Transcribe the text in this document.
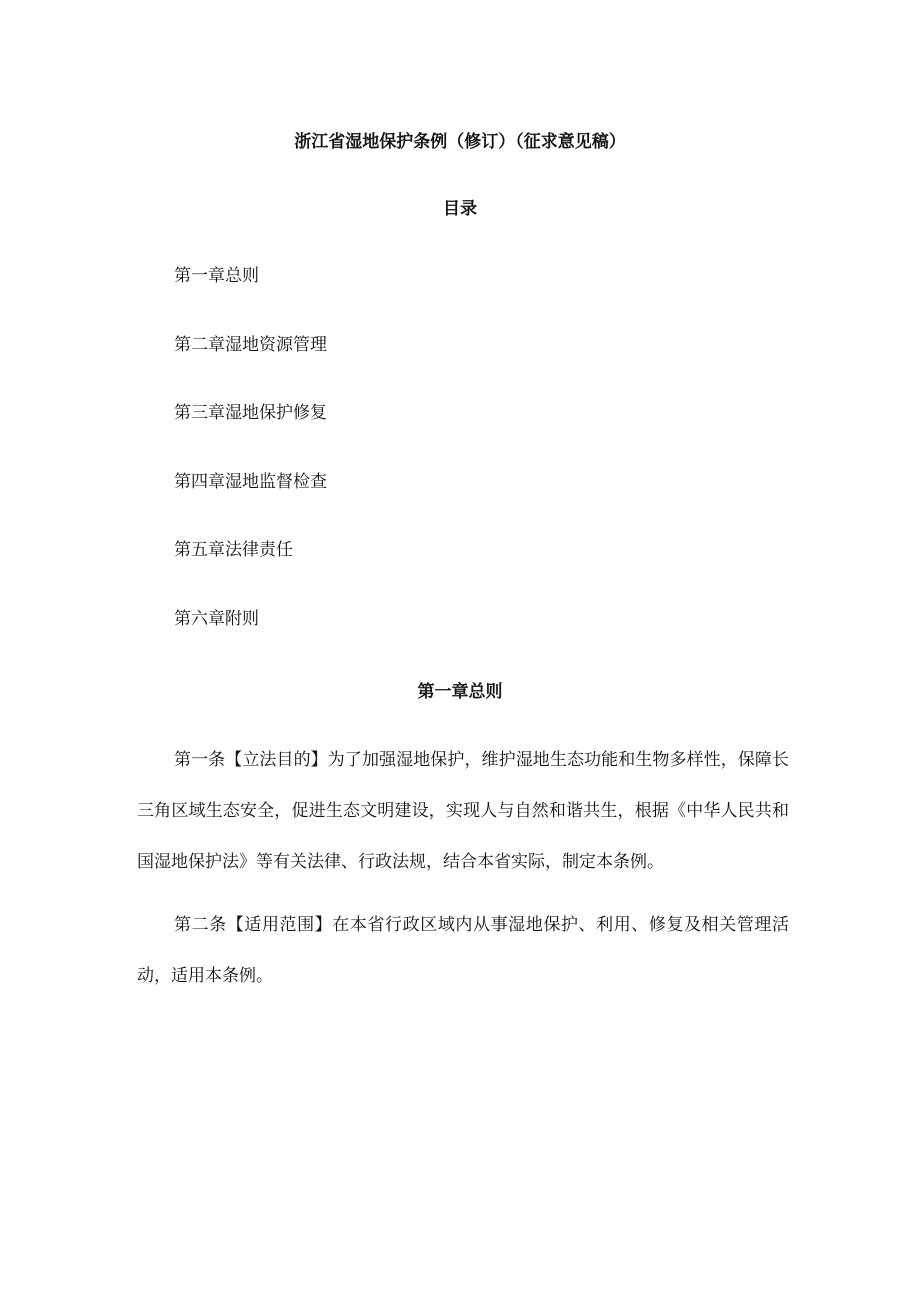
浙江省湿地保护条例（修订）（征求意见稿）
目录
第一章总则
第二章湿地资源管理
第三章湿地保护修复
第四章湿地监督检查
第五章法律责任
第六章附则
第一章总则

第一条【立法目的】为了加强湿地保护，维护湿地生态功能和生物多样性，保障长三角区域生态安全，促进生态文明建设，实现人与自然和谐共生，根据《中华人民共和国湿地保护法》等有关法律、行政法规，结合本省实际，制定本条例。

第二条【适用范围】在本省行政区域内从事湿地保护、利用、修复及相关管理活动，适用本条例。
